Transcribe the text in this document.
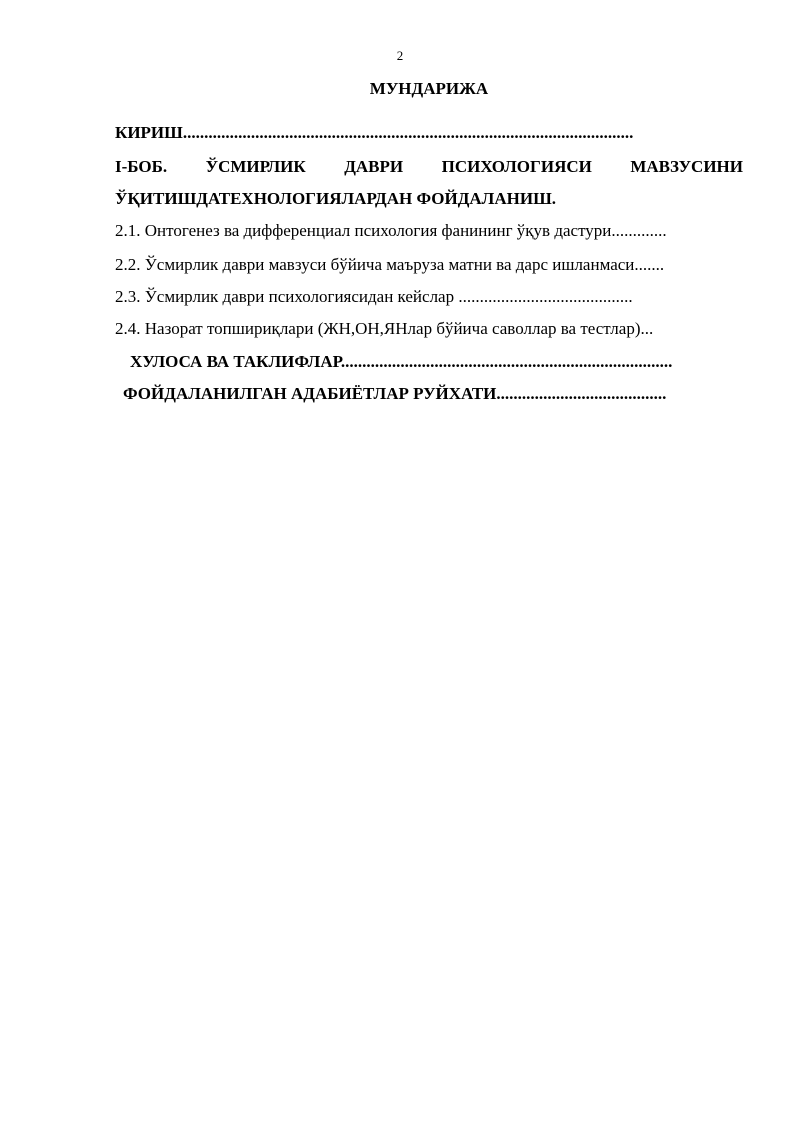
2
МУНДАРИЖА
КИРИШ..........................................................................................................
I-БОБ. ЎСМИРЛИК ДАВРИ ПСИХОЛОГИЯСИ МАВЗУСИНИ
ЎҚИТИШДАТЕХНОЛОГИЯЛАРДАН ФОЙДАЛАНИШ.
2.1. Онтогенез ва дифференциал психология фанининг ўқув дастури.............
2.2. Ўсмирлик даври мавзуси бўйича маъруза матни ва дарс ишланмаси.......
2.3. Ўсмирлик даври психологиясидан кейслар .........................................
2.4. Назорат топшириқлари (ЖН,ОН,ЯНлар бўйича саволлар ва тестлар)...
ХУЛОСА ВА ТАКЛИФЛАР..............................................................................
ФОЙДАЛАНИЛГАН АДАБИЁТЛАР РУЙХАТИ........................................
